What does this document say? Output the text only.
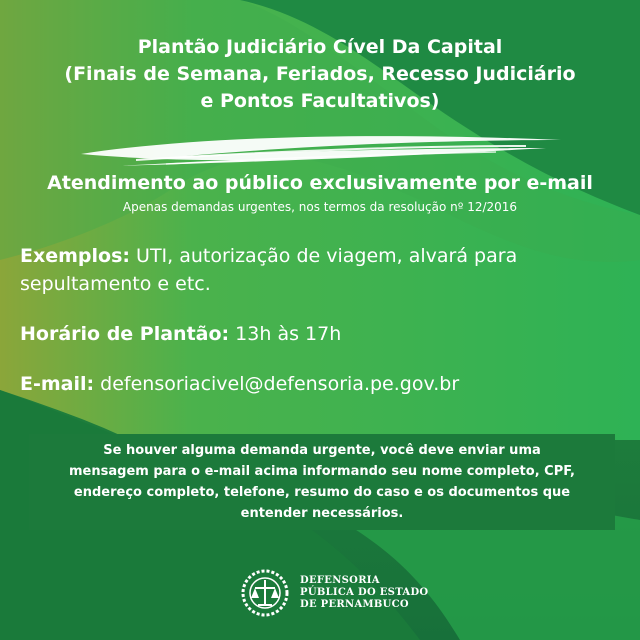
Plantão Judiciário Cível Da Capital
(Finais de Semana, Feriados, Recesso Judiciário
e Pontos Facultativos)
Atendimento ao público exclusivamente por e-mail
Apenas demandas urgentes, nos termos da resolução nº 12/2016
Exemplos: UTI, autorização de viagem, alvará para sepultamento e etc.
Horário de Plantão: 13h às 17h
E-mail: defensoriacivel@defensoria.pe.gov.br
Se houver alguma demanda urgente, você deve enviar uma
mensagem para o e-mail acima informando seu nome completo, CPF,
endereço completo, telefone, resumo do caso e os documentos que
entender necessários.
DEFENSORIA
PÚBLICA DO ESTADO
DE PERNAMBUCO
